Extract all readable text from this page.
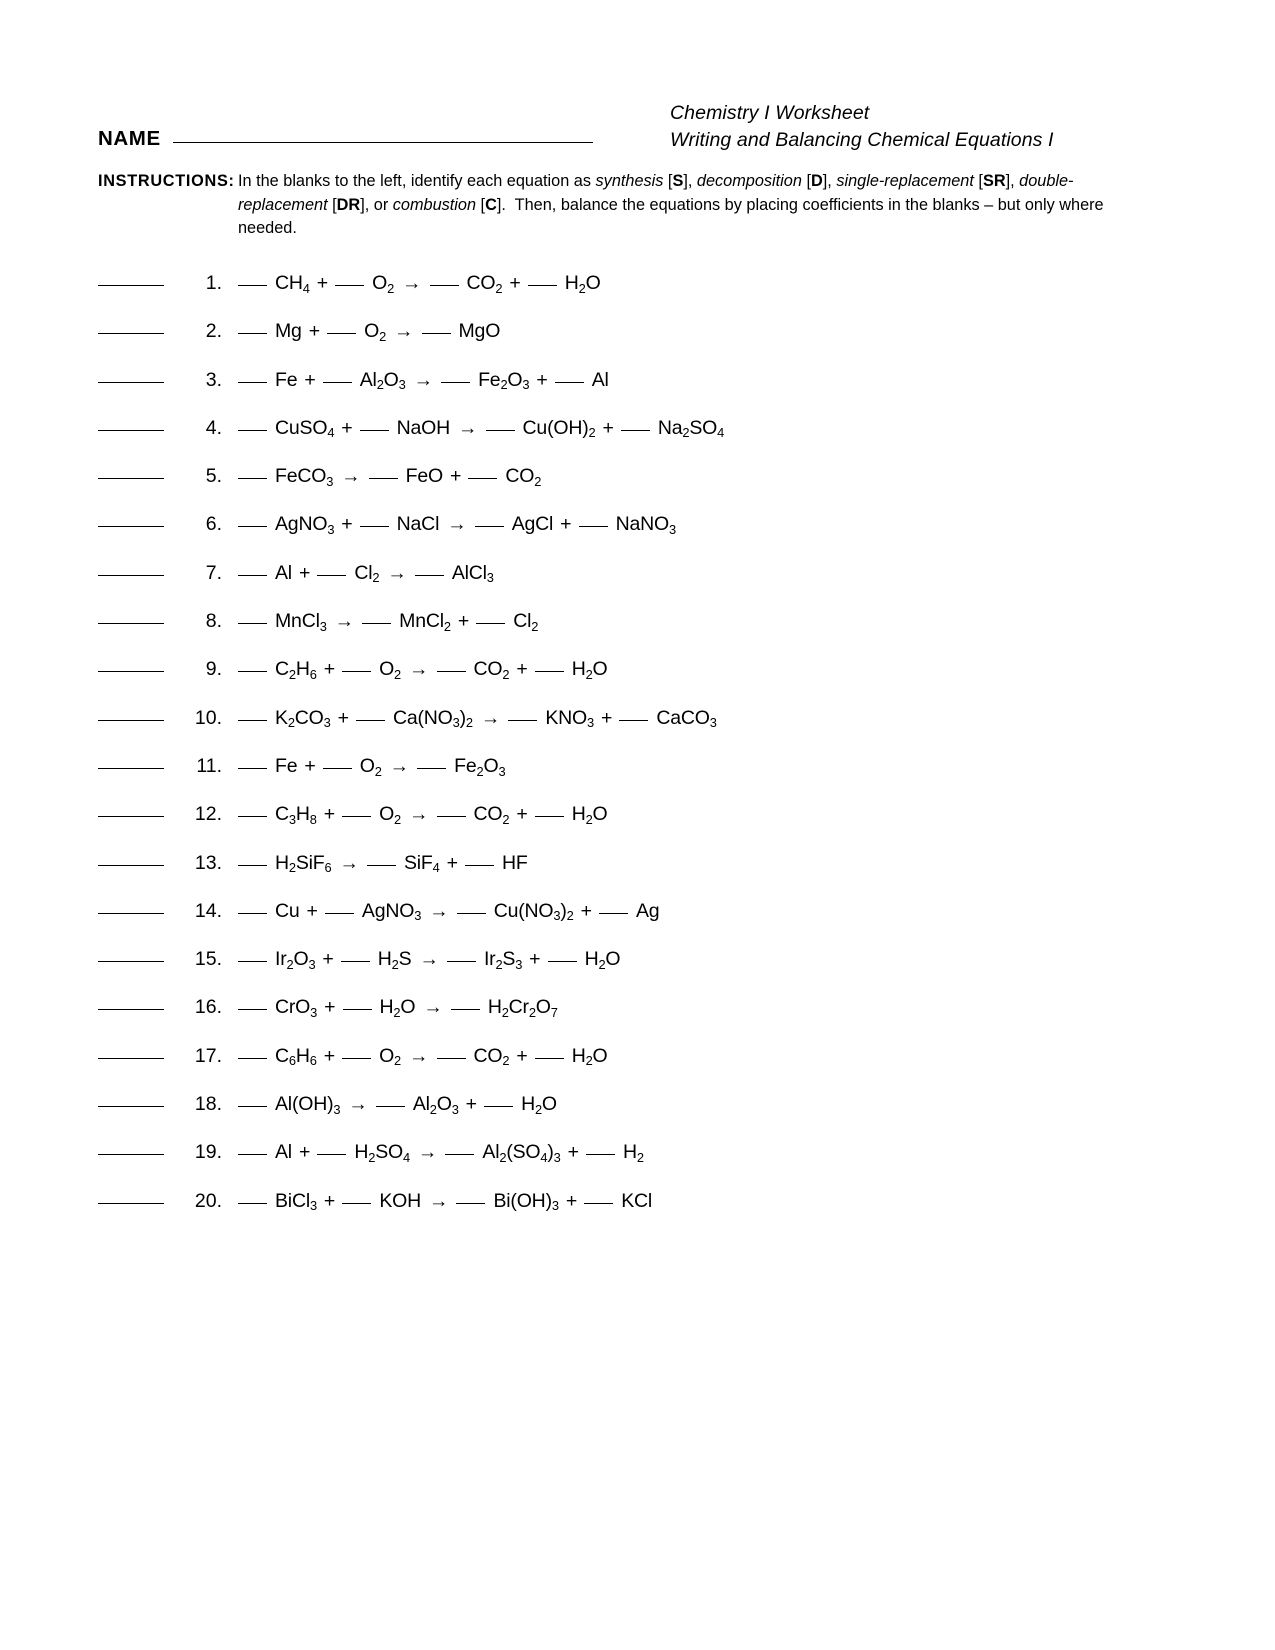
Chemistry I Worksheet
Writing and Balancing Chemical Equations I
NAME
INSTRUCTIONS: In the blanks to the left, identify each equation as synthesis [S], decomposition [D], single-replacement [SR], double-replacement [DR], or combustion [C].  Then, balance the equations by placing coefficients in the blanks – but only where needed.
1.	$CH_4 + O_2 \to CO_2 + H_2O$
2.	$Mg + O_2$ → MgO
3.	$Fe + Al_2O_3 \to Fe_2O_3 + Al$
4.	CuSO$_4$ + NaOH → $Cu(OH)_2 + Na_2SO_4$
5.	FeCO$_3$ → FeO + $CO_2$
6.	AgNO$_3$ + NaCl → AgCl + NaNO$_3$
7.	$Al + Cl_2$ → AlCl$_3$
8.	MnCl$_3$ → MnCl$_2$ + $Cl_2$
9.	$C_2H_6 + O_2 \to CO_2 + H_2O$
10.	$K_2CO_3 + Ca(NO_3)_2 \to KNO_3$ + CaCO$_3$
11.	$Fe + O_2 \to Fe_2O_3$
12.	$C_3H_8 + O_2 \to CO_2 + H_2O$
13.	$H_2SiF_6 \to SiF_4$ + HF
14.	Cu + AgNO$_3$ → $Cu(NO_3)_2 + Ag$
15.	$Ir_2O_3 + H_2S \to Ir_2S_3 + H_2O$
16.	$CrO_3 + H_2O \to H_2Cr_2O_7$
17.	$C_6H_6 + O_2 \to CO_2 + H_2O$
18.	$Al(OH)_3 \to Al_2O_3 + H_2O$
19.	$Al + H_2SO_4 \to Al_2(SO_4)_3 + H_2$
20.	BiCl$_3$ + KOH → $Bi(OH)_3$ + KCl
